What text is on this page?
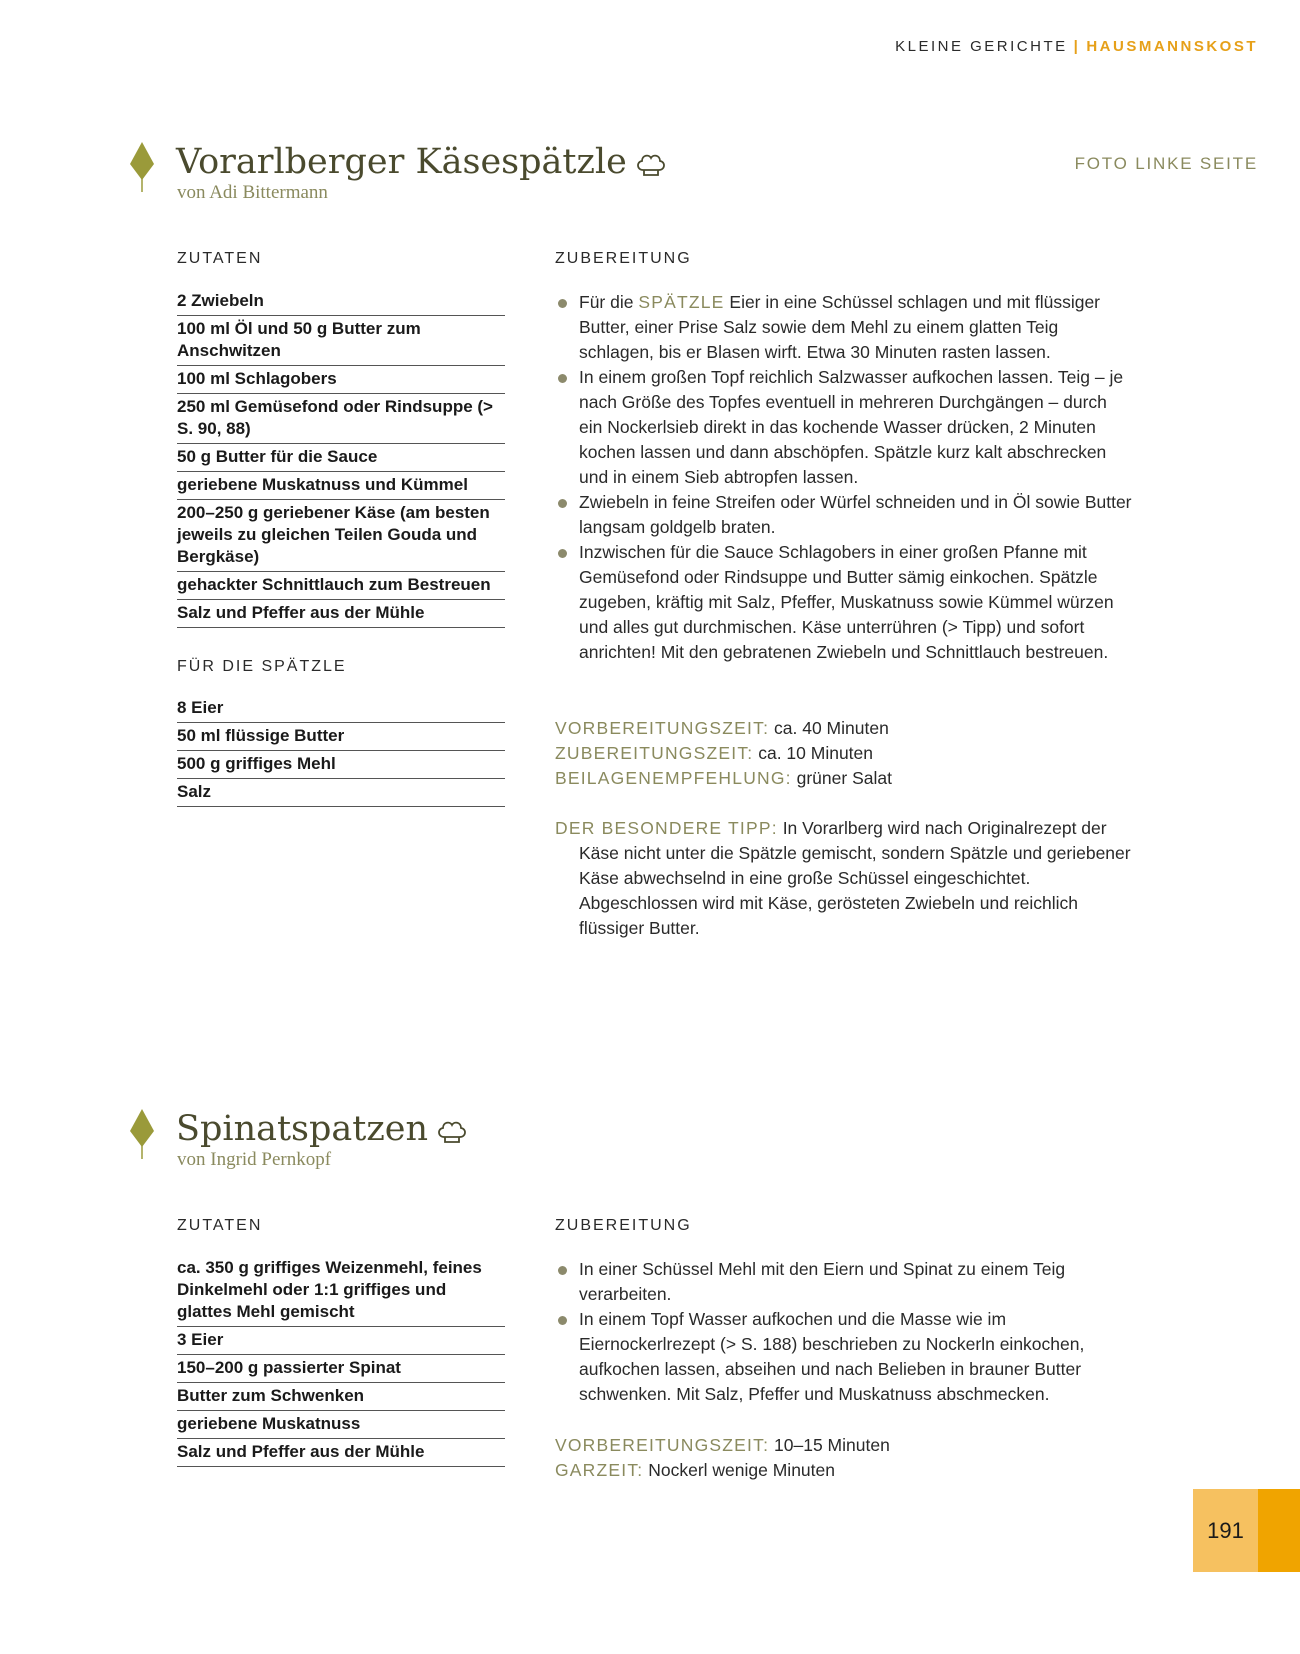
KLEINE GERICHTE | HAUSMANNSKOST
Vorarlberger Käsespätzle
von Adi Bittermann
FOTO LINKE SEITE
ZUTATEN
2 Zwiebeln
100 ml Öl und 50 g Butter zum Anschwitzen
100 ml Schlagobers
250 ml Gemüsefond oder Rindsuppe (> S. 90, 88)
50 g Butter für die Sauce
geriebene Muskatnuss und Kümmel
200–250 g geriebener Käse (am besten jeweils zu gleichen Teilen Gouda und Bergkäse)
gehackter Schnittlauch zum Bestreuen
Salz und Pfeffer aus der Mühle
FÜR DIE SPÄTZLE
8 Eier
50 ml flüssige Butter
500 g griffiges Mehl
Salz
ZUBEREITUNG
Für die SPÄTZLE Eier in eine Schüssel schlagen und mit flüssiger Butter, einer Prise Salz sowie dem Mehl zu einem glatten Teig schlagen, bis er Blasen wirft. Etwa 30 Minuten rasten lassen.
In einem großen Topf reichlich Salzwasser aufkochen lassen. Teig – je nach Größe des Topfes eventuell in mehreren Durchgängen – durch ein Nockerlsieb direkt in das kochende Wasser drücken, 2 Minuten kochen lassen und dann abschöpfen. Spätzle kurz kalt abschrecken und in einem Sieb abtropfen lassen.
Zwiebeln in feine Streifen oder Würfel schneiden und in Öl sowie Butter langsam goldgelb braten.
Inzwischen für die Sauce Schlagobers in einer großen Pfanne mit Gemüsefond oder Rindsuppe und Butter sämig einkochen. Spätzle zugeben, kräftig mit Salz, Pfeffer, Muskatnuss sowie Kümmel würzen und alles gut durchmischen. Käse unterrühren (> Tipp) und sofort anrichten! Mit den gebratenen Zwiebeln und Schnittlauch bestreuen.
VORBEREITUNGSZEIT: ca. 40 Minuten
ZUBEREITUNGSZEIT: ca. 10 Minuten
BEILAGENEMPFEHLUNG: grüner Salat
DER BESONDERE TIPP: In Vorarlberg wird nach Originalrezept der Käse nicht unter die Spätzle gemischt, sondern Spätzle und geriebener Käse abwechselnd in eine große Schüssel eingeschichtet. Abgeschlossen wird mit Käse, gerösteten Zwiebeln und reichlich flüssiger Butter.
Spinatspatzen
von Ingrid Pernkopf
ZUTATEN
ca. 350 g griffiges Weizenmehl, feines Dinkelmehl oder 1:1 griffiges und glattes Mehl gemischt
3 Eier
150–200 g passierter Spinat
Butter zum Schwenken
geriebene Muskatnuss
Salz und Pfeffer aus der Mühle
ZUBEREITUNG
In einer Schüssel Mehl mit den Eiern und Spinat zu einem Teig verarbeiten.
In einem Topf Wasser aufkochen und die Masse wie im Eiernockerlrezept (> S. 188) beschrieben zu Nockerln einkochen, aufkochen lassen, abseihen und nach Belieben in brauner Butter schwenken. Mit Salz, Pfeffer und Muskatnuss abschmecken.
VORBEREITUNGSZEIT: 10–15 Minuten
GARZEIT: Nockerl wenige Minuten
191
